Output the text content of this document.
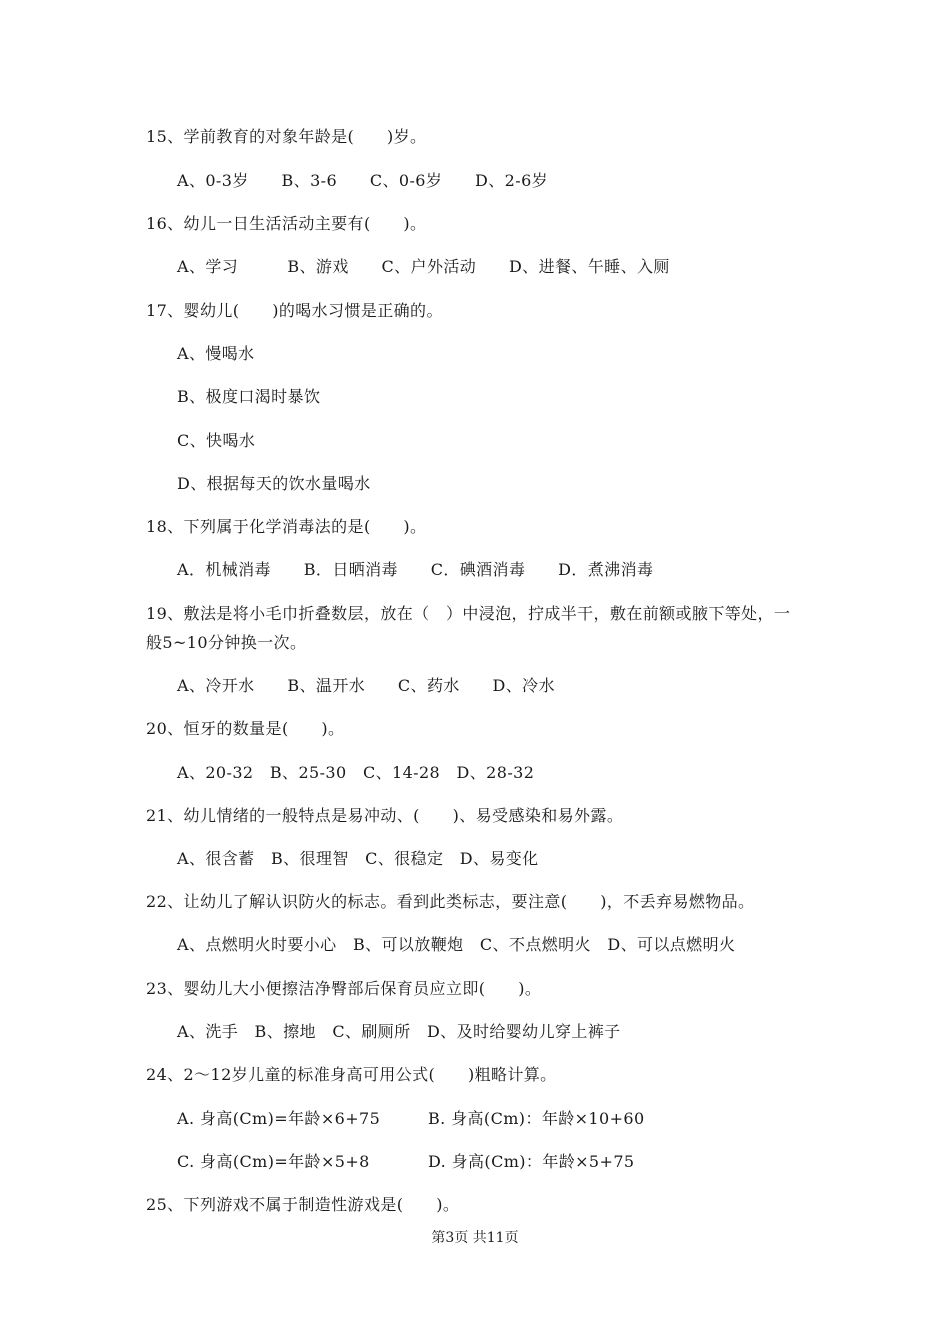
15、学前教育的对象年龄是(　　)岁。
A、0-3岁　　B、3-6　　C、0-6岁　　D、2-6岁
16、幼儿一日生活活动主要有(　　)。
A、学习　　　B、游戏　　C、户外活动　　D、进餐、午睡、入厕
17、婴幼儿(　　)的喝水习惯是正确的。
A、慢喝水
B、极度口渴时暴饮
C、快喝水
D、根据每天的饮水量喝水
18、下列属于化学消毒法的是(　　)。
A．机械消毒　　B．日晒消毒　　C．碘酒消毒　　D．煮沸消毒
19、敷法是将小毛巾折叠数层，放在（　）中浸泡，拧成半干，敷在前额或腋下等处，一
般5~10分钟换一次。
A、冷开水　　B、温开水　　C、药水　　D、冷水
20、恒牙的数量是(　　)。
A、20-32　B、25-30　C、14-28　D、28-32
21、幼儿情绪的一般特点是易冲动、(　　)、易受感染和易外露。
A、很含蓄　B、很理智　C、很稳定　D、易变化
22、让幼儿了解认识防火的标志。看到此类标志，要注意(　　)，不丢弃易燃物品。
A、点燃明火时要小心　B、可以放鞭炮　C、不点燃明火　D、可以点燃明火
23、婴幼儿大小便擦洁净臀部后保育员应立即(　　)。
A、洗手　B、擦地　C、刷厕所　D、及时给婴幼儿穿上裤子
24、2～12岁儿童的标准身高可用公式(　　)粗略计算。
A. 身高(Cm)=年龄×6+75	B. 身高(Cm)：年龄×10+60
C. 身高(Cm)=年龄×5+8	D. 身高(Cm)：年龄×5+75
25、下列游戏不属于制造性游戏是(　　)。
第3页 共11页
